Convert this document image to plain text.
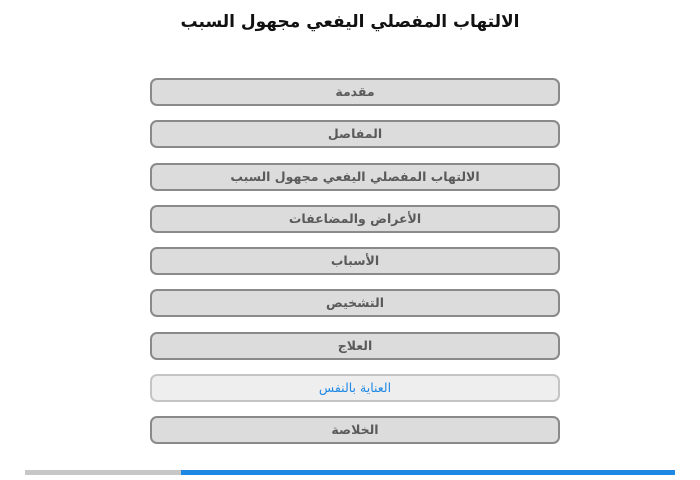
الالتهاب المفصلي اليفعي مجهول السبب
مقدمة
المفاصل
الالتهاب المفصلي اليفعي مجهول السبب
الأعراض والمضاعفات
الأسباب
التشخيص
العلاج
العناية بالنفس
الخلاصة
